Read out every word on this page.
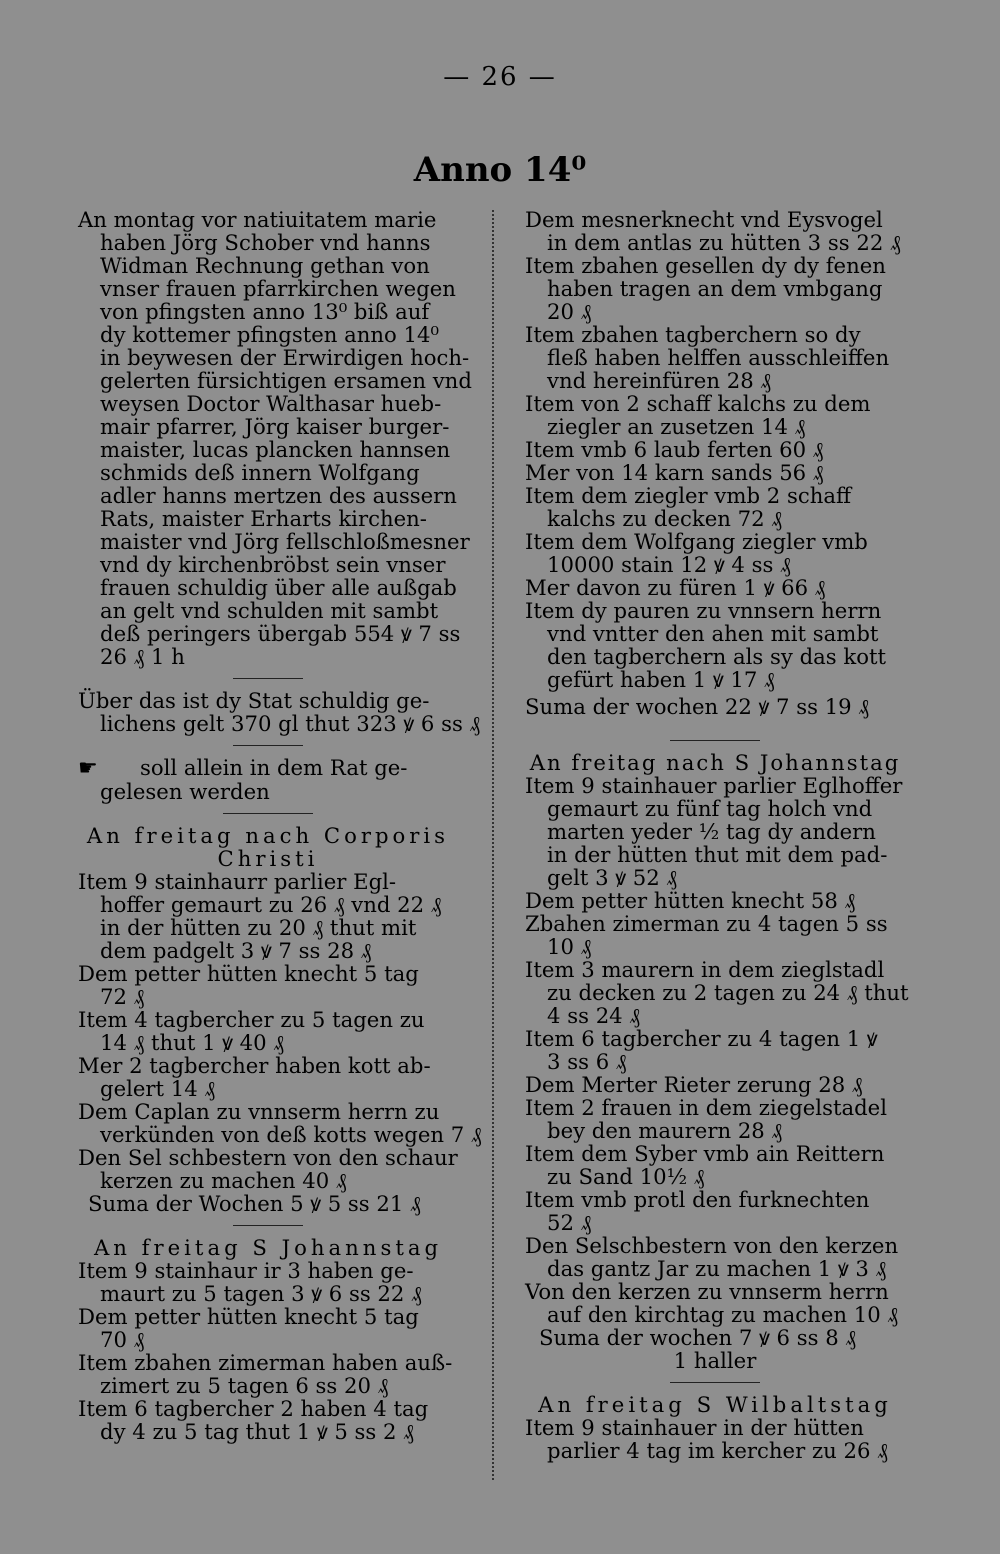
— 26 —
Anno 14⁰
An montag vor natiuitatem marie
haben Jörg Schober vnd hanns
Widman Rechnung gethan von
vnser frauen pfarrkirchen wegen
von pfingsten anno 13⁰ biß auf
dy kottemer pfingsten anno 14⁰
in beywesen der Erwirdigen hoch-
gelerten fürsichtigen ersamen vnd
weysen Doctor Walthasar hueb-
mair pfarrer, Jörg kaiser burger-
maister, lucas plancken hannsen
schmids deß innern Wolfgang
adler hanns mertzen des aussern
Rats, maister Erharts kirchen-
maister vnd Jörg fellschloßmesner
vnd dy kirchenbröbst sein vnser
frauen schuldig über alle außgab
an gelt vnd schulden mit sambt
deß peringers übergab 554 ꝟ 7 ss
26 ₰ 1 h
Über das ist dy Stat schuldig ge-
lichens gelt 370 gl thut 323 ꝟ 6 ss ₰
☛ soll allein in dem Rat ge-
gelesen werden
An freitag nach Corporis
Christi
Item 9 stainhaurr parlier Egl-
hoffer gemaurt zu 26 ₰ vnd 22 ₰
in der hütten zu 20 ₰ thut mit
dem padgelt 3 ꝟ 7 ss 28 ₰
Dem petter hütten knecht 5 tag
72 ₰
Item 4 tagbercher zu 5 tagen zu
14 ₰ thut 1 ꝟ 40 ₰
Mer 2 tagbercher haben kott ab-
gelert 14 ₰
Dem Caplan zu vnnserm herrn zu
verkünden von deß kotts wegen 7 ₰
Den Sel schbestern von den schaur
kerzen zu machen 40 ₰
Suma der Wochen 5 ꝟ 5 ss 21 ₰
An freitag S Johannstag
Item 9 stainhaur ir 3 haben ge-
maurt zu 5 tagen 3 ꝟ 6 ss 22 ₰
Dem petter hütten knecht 5 tag
70 ₰
Item zbahen zimerman haben auß-
zimert zu 5 tagen 6 ss 20 ₰
Item 6 tagbercher 2 haben 4 tag
dy 4 zu 5 tag thut 1 ꝟ 5 ss 2 ₰
Dem mesnerknecht vnd Eysvogel
in dem antlas zu hütten 3 ss 22 ₰
Item zbahen gesellen dy dy fenen
haben tragen an dem vmbgang
20 ₰
Item zbahen tagberchern so dy
fleß haben helffen ausschleiffen
vnd hereinfüren 28 ₰
Item von 2 schaff kalchs zu dem
ziegler an zusetzen 14 ₰
Item vmb 6 laub ferten 60 ₰
Mer von 14 karn sands 56 ₰
Item dem ziegler vmb 2 schaff
kalchs zu decken 72 ₰
Item dem Wolfgang ziegler vmb
10000 stain 12 ꝟ 4 ss ₰
Mer davon zu füren 1 ꝟ 66 ₰
Item dy pauren zu vnnsern herrn
vnd vntter den ahen mit sambt
den tagberchern als sy das kott
gefürt haben 1 ꝟ 17 ₰
Suma der wochen 22 ꝟ 7 ss 19 ₰
An freitag nach S Johannstag
Item 9 stainhauer parlier Eglhoffer
gemaurt zu fünf tag holch vnd
marten yeder ½ tag dy andern
in der hütten thut mit dem pad-
gelt 3 ꝟ 52 ₰
Dem petter hütten knecht 58 ₰
Zbahen zimerman zu 4 tagen 5 ss
10 ₰
Item 3 maurern in dem zieglstadl
zu decken zu 2 tagen zu 24 ₰ thut
4 ss 24 ₰
Item 6 tagbercher zu 4 tagen 1 ꝟ
3 ss 6 ₰
Dem Merter Rieter zerung 28 ₰
Item 2 frauen in dem ziegelstadel
bey den maurern 28 ₰
Item dem Syber vmb ain Reittern
zu Sand 10½ ₰
Item vmb protl den furknechten
52 ₰
Den Selschbestern von den kerzen
das gantz Jar zu machen 1 ꝟ 3 ₰
Von den kerzen zu vnnserm herrn
auf den kirchtag zu machen 10 ₰
Suma der wochen 7 ꝟ 6 ss 8 ₰
1 haller
An freitag S Wilbaltstag
Item 9 stainhauer in der hütten
parlier 4 tag im kercher zu 26 ₰
